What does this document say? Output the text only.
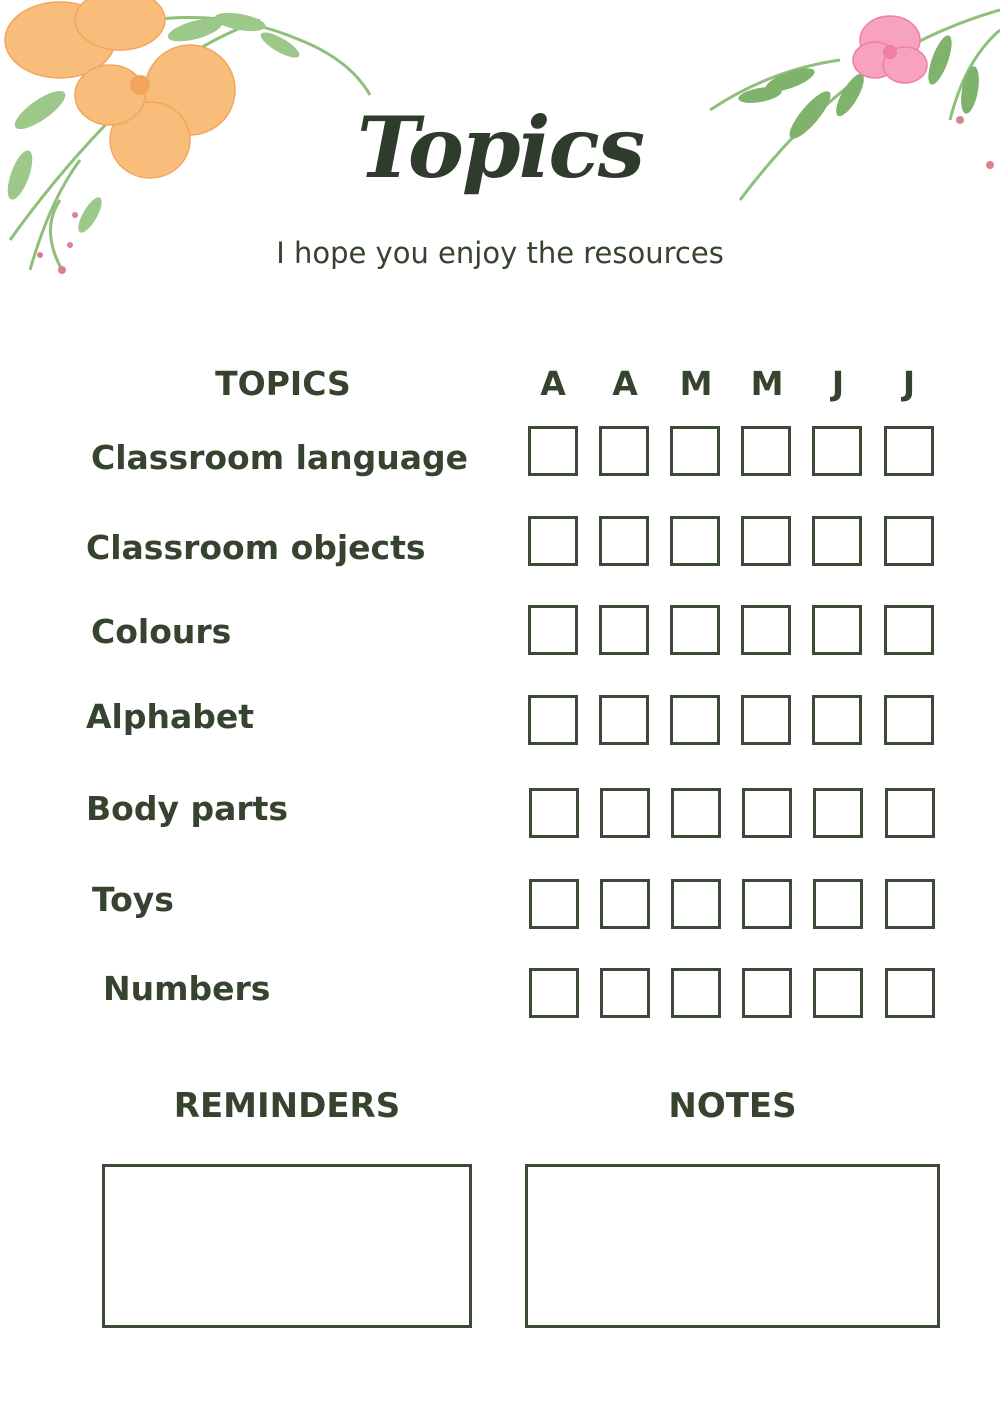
Topics
I hope you enjoy the resources
TOPICS	A	A	M	M	J	J
Classroom language
Classroom objects
Colours
Alphabet
Body parts
Toys
Numbers
REMINDERS	NOTES
